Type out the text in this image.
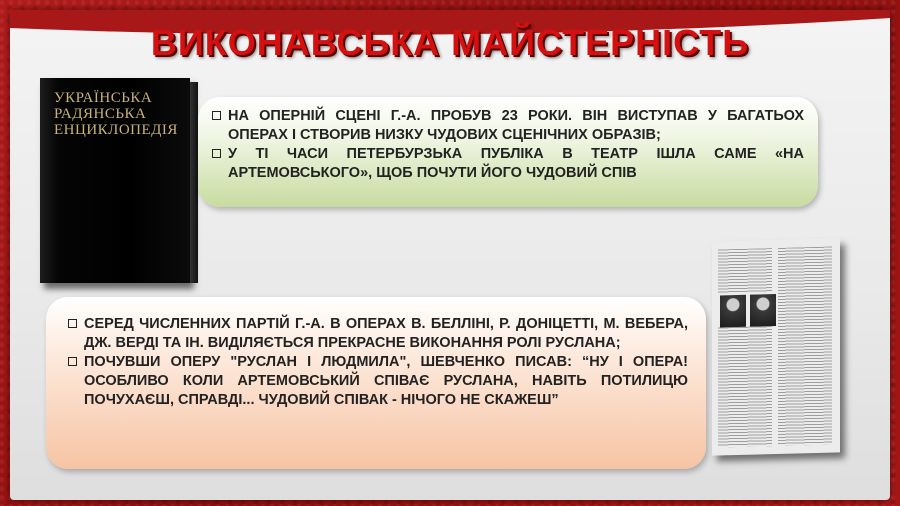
ВИКОНАВСЬКА МАЙСТЕРНІСТЬ
УКРАЇНСЬКА
РАДЯНСЬКА
ЕНЦИКЛОПЕДІЯ
НА ОПЕРНІЙ СЦЕНІ Г.-А. ПРОБУВ 23 РОКИ. ВІН ВИСТУПАВ У БАГАТЬОХ ОПЕРАХ І СТВОРИВ НИЗКУ ЧУДОВИХ СЦЕНІЧНИХ ОБРАЗІВ;
У ТІ ЧАСИ ПЕТЕРБУРЗЬКА ПУБЛІКА В ТЕАТР ІШЛА САМЕ «НА АРТЕМОВСЬКОГО», ЩОБ ПОЧУТИ ЙОГО ЧУДОВИЙ СПІВ
СЕРЕД ЧИСЛЕННИХ ПАРТІЙ Г.-А. В ОПЕРАХ В. БЕЛЛІНІ, Р. ДОНІЦЕТТІ, М. ВЕБЕРА, ДЖ. ВЕРДІ ТА ІН. ВИДІЛЯЄТЬСЯ ПРЕКРАСНЕ ВИКОНАННЯ РОЛІ РУСЛАНА;
ПОЧУВШИ ОПЕРУ "РУСЛАН І ЛЮДМИЛА", ШЕВЧЕНКО ПИСАВ: “НУ І ОПЕРА! ОСОБЛИВО КОЛИ АРТЕМОВСЬКИЙ СПІВАЄ РУСЛАНА, НАВІТЬ ПОТИЛИЦЮ ПОЧУХАЄШ, СПРАВДІ... ЧУДОВИЙ СПІВАК - НІЧОГО НЕ СКАЖЕШ”
